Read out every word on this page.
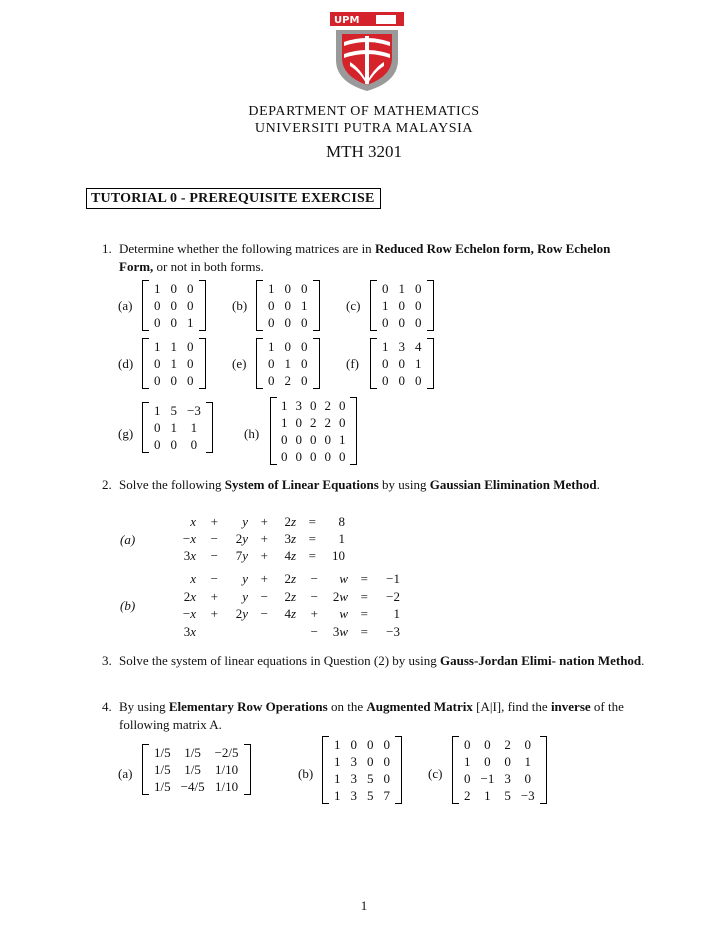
UPM
DEPARTMENT OF MATHEMATICS
UNIVERSITI PUTRA MALAYSIA
MTH 3201
TUTORIAL 0 - PREREQUISITE EXERCISE
1. Determine whether the following matrices are in Reduced Row Echelon form, Row Echelon Form, or not in both forms.
(a)
1	0	0
0	0	0
0	0	1
(b)
1	0	0
0	0	1
0	0	0
(c)
0	1	0
1	0	0
0	0	0
(d)
1	1	0
0	1	0
0	0	0
(e)
1	0	0
0	1	0
0	2	0
(f)
1	3	4
0	0	1
0	0	0
(g)
1	5	−3
0	1	1
0	0	0
(h)
1	3	0	2	0
1	0	2	2	0
0	0	0	0	1
0	0	0	0	0
2. Solve the following System of Linear Equations by using Gaussian Elimination Method.
(a)
x	+	y +	2z =	8
−x	−	2y +	3z =	1
3x	−	7y +	4z =	10
(b)
x	−	y +	2z	−	w =	−1
2x	+	y −	2z	−	2w =	−2
−x	+	2y −	4z	+	w =	1
3x	−	3w =	−3
3. Solve the system of linear equations in Question (2) by using Gauss-Jordan Elimi- nation Method.
4. By using Elementary Row Operations on the Augmented Matrix [A|I], find the inverse of the following matrix A.
(a)
1/5	1/5	−2/5
1/5	1/5	1/10
1/5	−4/5	1/10
(b)
1	0	0	0
1	3	0	0
1	3	5	0
1	3	5	7
(c)
0	0	2	0
1	0	0	1
0	−1	3	0
2	1	5	−3
1
